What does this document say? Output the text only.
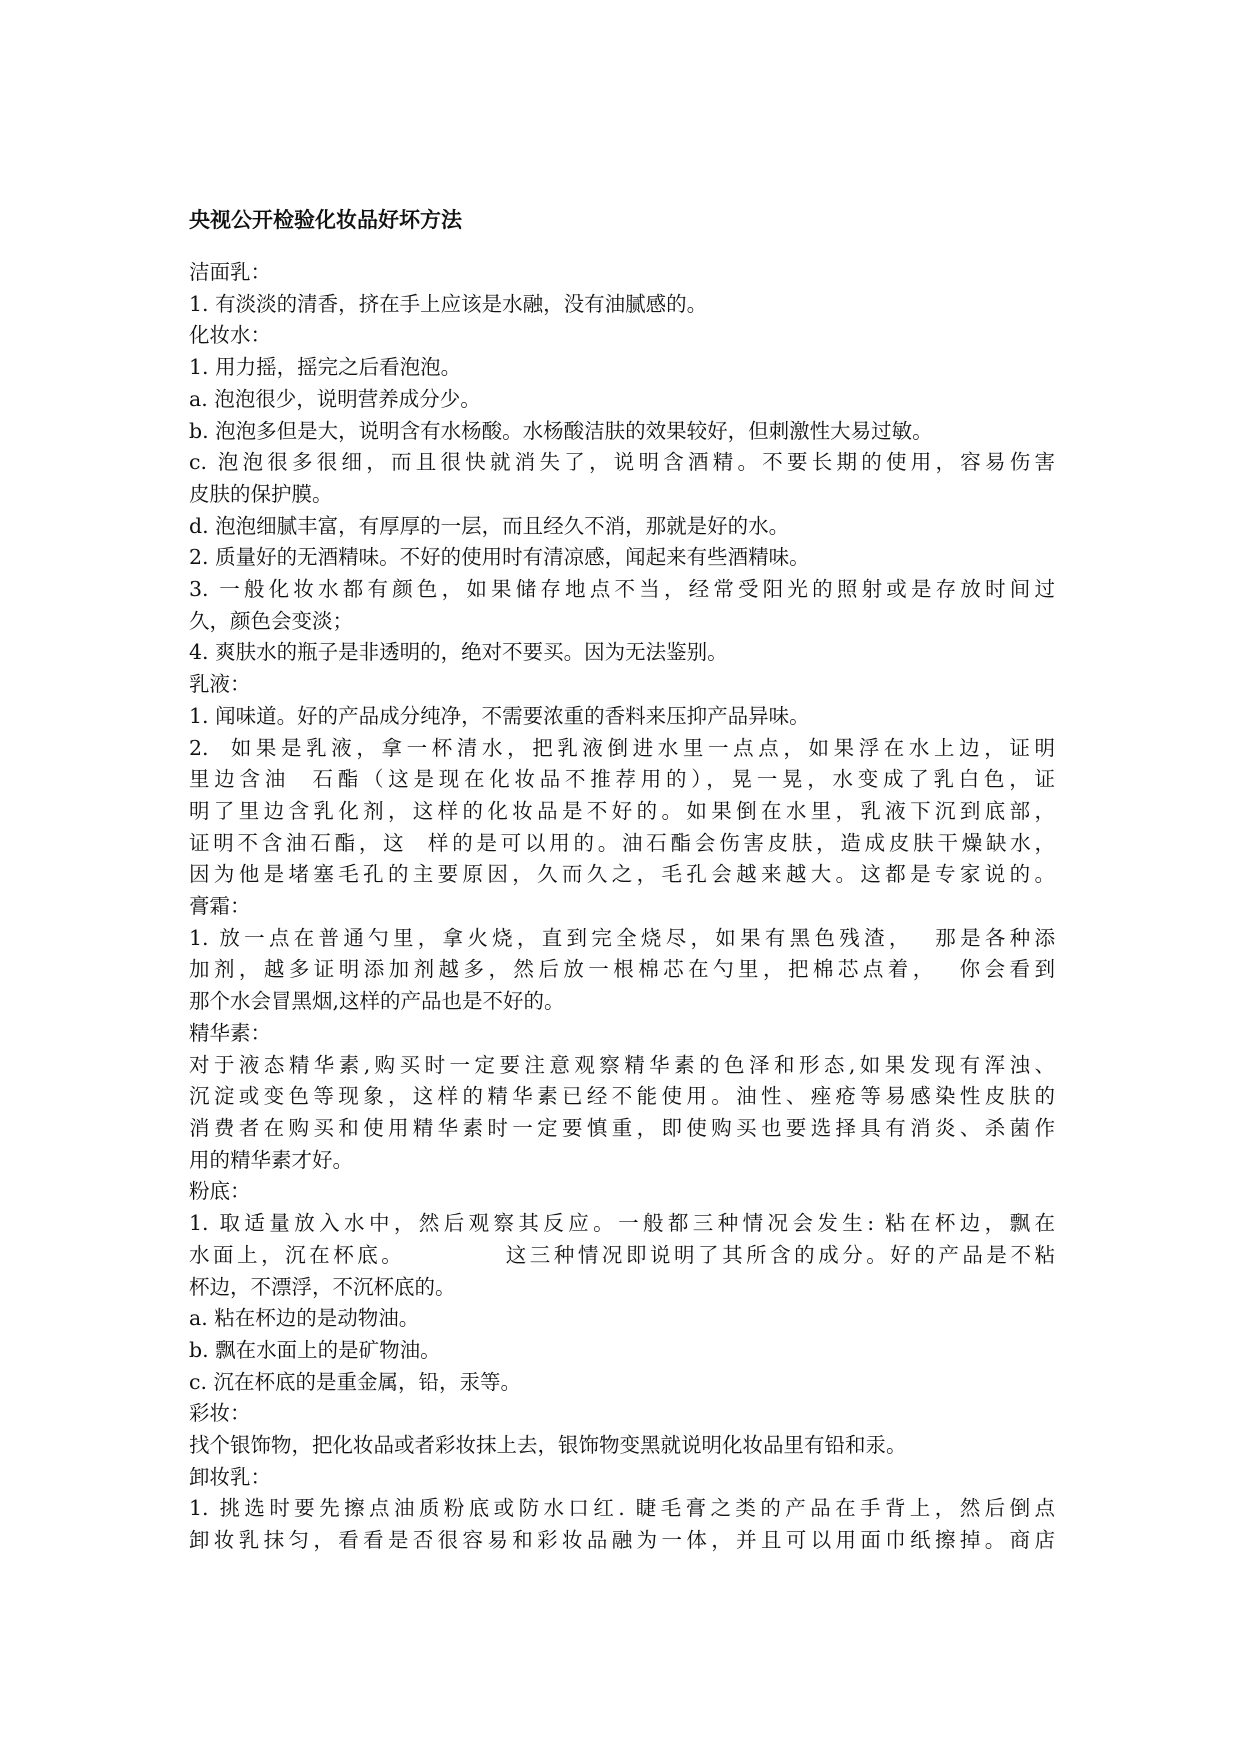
央视公开检验化妆品好坏方法
洁面乳：
1. 有淡淡的清香，挤在手上应该是水融，没有油腻感的。
化妆水：
1. 用力摇，摇完之后看泡泡。
a. 泡泡很少，说明营养成分少。
b. 泡泡多但是大，说明含有水杨酸。水杨酸洁肤的效果较好，但刺激性大易过敏。
c. 泡泡很多很细，而且很快就消失了，说明含酒精。不要长期的使用，容易伤害
皮肤的保护膜。
d. 泡泡细腻丰富，有厚厚的一层，而且经久不消，那就是好的水。
2. 质量好的无酒精味。不好的使用时有清凉感，闻起来有些酒精味。
3. 一般化妆水都有颜色，如果储存地点不当，经常受阳光的照射或是存放时间过
久，颜色会变淡；
4. 爽肤水的瓶子是非透明的，绝对不要买。因为无法鉴别。
乳液：
1. 闻味道。好的产品成分纯净，不需要浓重的香料来压抑产品异味。
2.  如果是乳液，拿一杯清水，把乳液倒进水里一点点，如果浮在水上边，证明
里边含油  石酯（这是现在化妆品不推荐用的），晃一晃，水变成了乳白色，证
明了里边含乳化剂，这样的化妆品是不好的。如果倒在水里，乳液下沉到底部，
证明不含油石酯，这  样的是可以用的。油石酯会伤害皮肤，造成皮肤干燥缺水，
因为他是堵塞毛孔的主要原因，久而久之，毛孔会越来越大。这都是专家说的。
膏霜：
1. 放一点在普通勺里，拿火烧，直到完全烧尽，如果有黑色残渣，  那是各种添
加剂，越多证明添加剂越多，然后放一根棉芯在勺里，把棉芯点着，  你会看到
那个水会冒黑烟,这样的产品也是不好的。
精华素：
对于液态精华素,购买时一定要注意观察精华素的色泽和形态,如果发现有浑浊、
沉淀或变色等现象，这样的精华素已经不能使用。油性、痤疮等易感染性皮肤的
消费者在购买和使用精华素时一定要慎重，即使购买也要选择具有消炎、杀菌作
用的精华素才好。
粉底：
1. 取适量放入水中，然后观察其反应。一般都三种情况会发生: 粘在杯边，飘在
水面上，沉在杯底。          这三种情况即说明了其所含的成分。好的产品是不粘
杯边，不漂浮，不沉杯底的。
a. 粘在杯边的是动物油。
b. 飘在水面上的是矿物油。
c. 沉在杯底的是重金属，铅，汞等。
彩妆：
找个银饰物，把化妆品或者彩妆抹上去，银饰物变黑就说明化妆品里有铅和汞。
卸妆乳：
1. 挑选时要先擦点油质粉底或防水口红. 睫毛膏之类的产品在手背上，然后倒点
卸妆乳抹匀，看看是否很容易和彩妆品融为一体，并且可以用面巾纸擦掉。商店
